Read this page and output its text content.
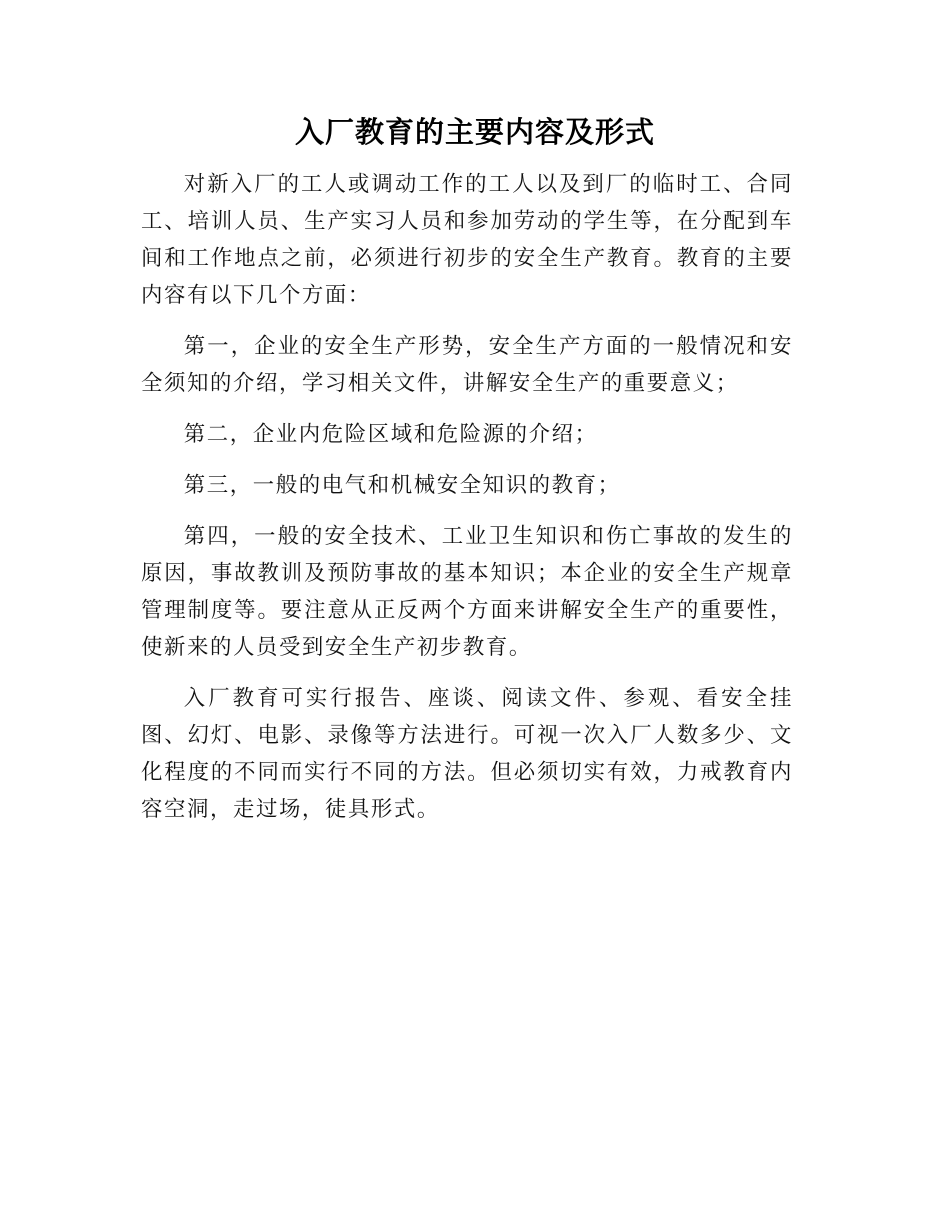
入厂教育的主要内容及形式

对新入厂的工人或调动工作的工人以及到厂的临时工、合同工、培训人员、生产实习人员和参加劳动的学生等，在分配到车间和工作地点之前，必须进行初步的安全生产教育。教育的主要内容有以下几个方面：

第一，企业的安全生产形势，安全生产方面的一般情况和安全须知的介绍，学习相关文件，讲解安全生产的重要意义；

第二，企业内危险区域和危险源的介绍；

第三，一般的电气和机械安全知识的教育；

第四，一般的安全技术、工业卫生知识和伤亡事故的发生的原因，事故教训及预防事故的基本知识；本企业的安全生产规章管理制度等。要注意从正反两个方面来讲解安全生产的重要性，使新来的人员受到安全生产初步教育。

入厂教育可实行报告、座谈、阅读文件、参观、看安全挂图、幻灯、电影、录像等方法进行。可视一次入厂人数多少、文化程度的不同而实行不同的方法。但必须切实有效，力戒教育内容空洞，走过场，徒具形式。
